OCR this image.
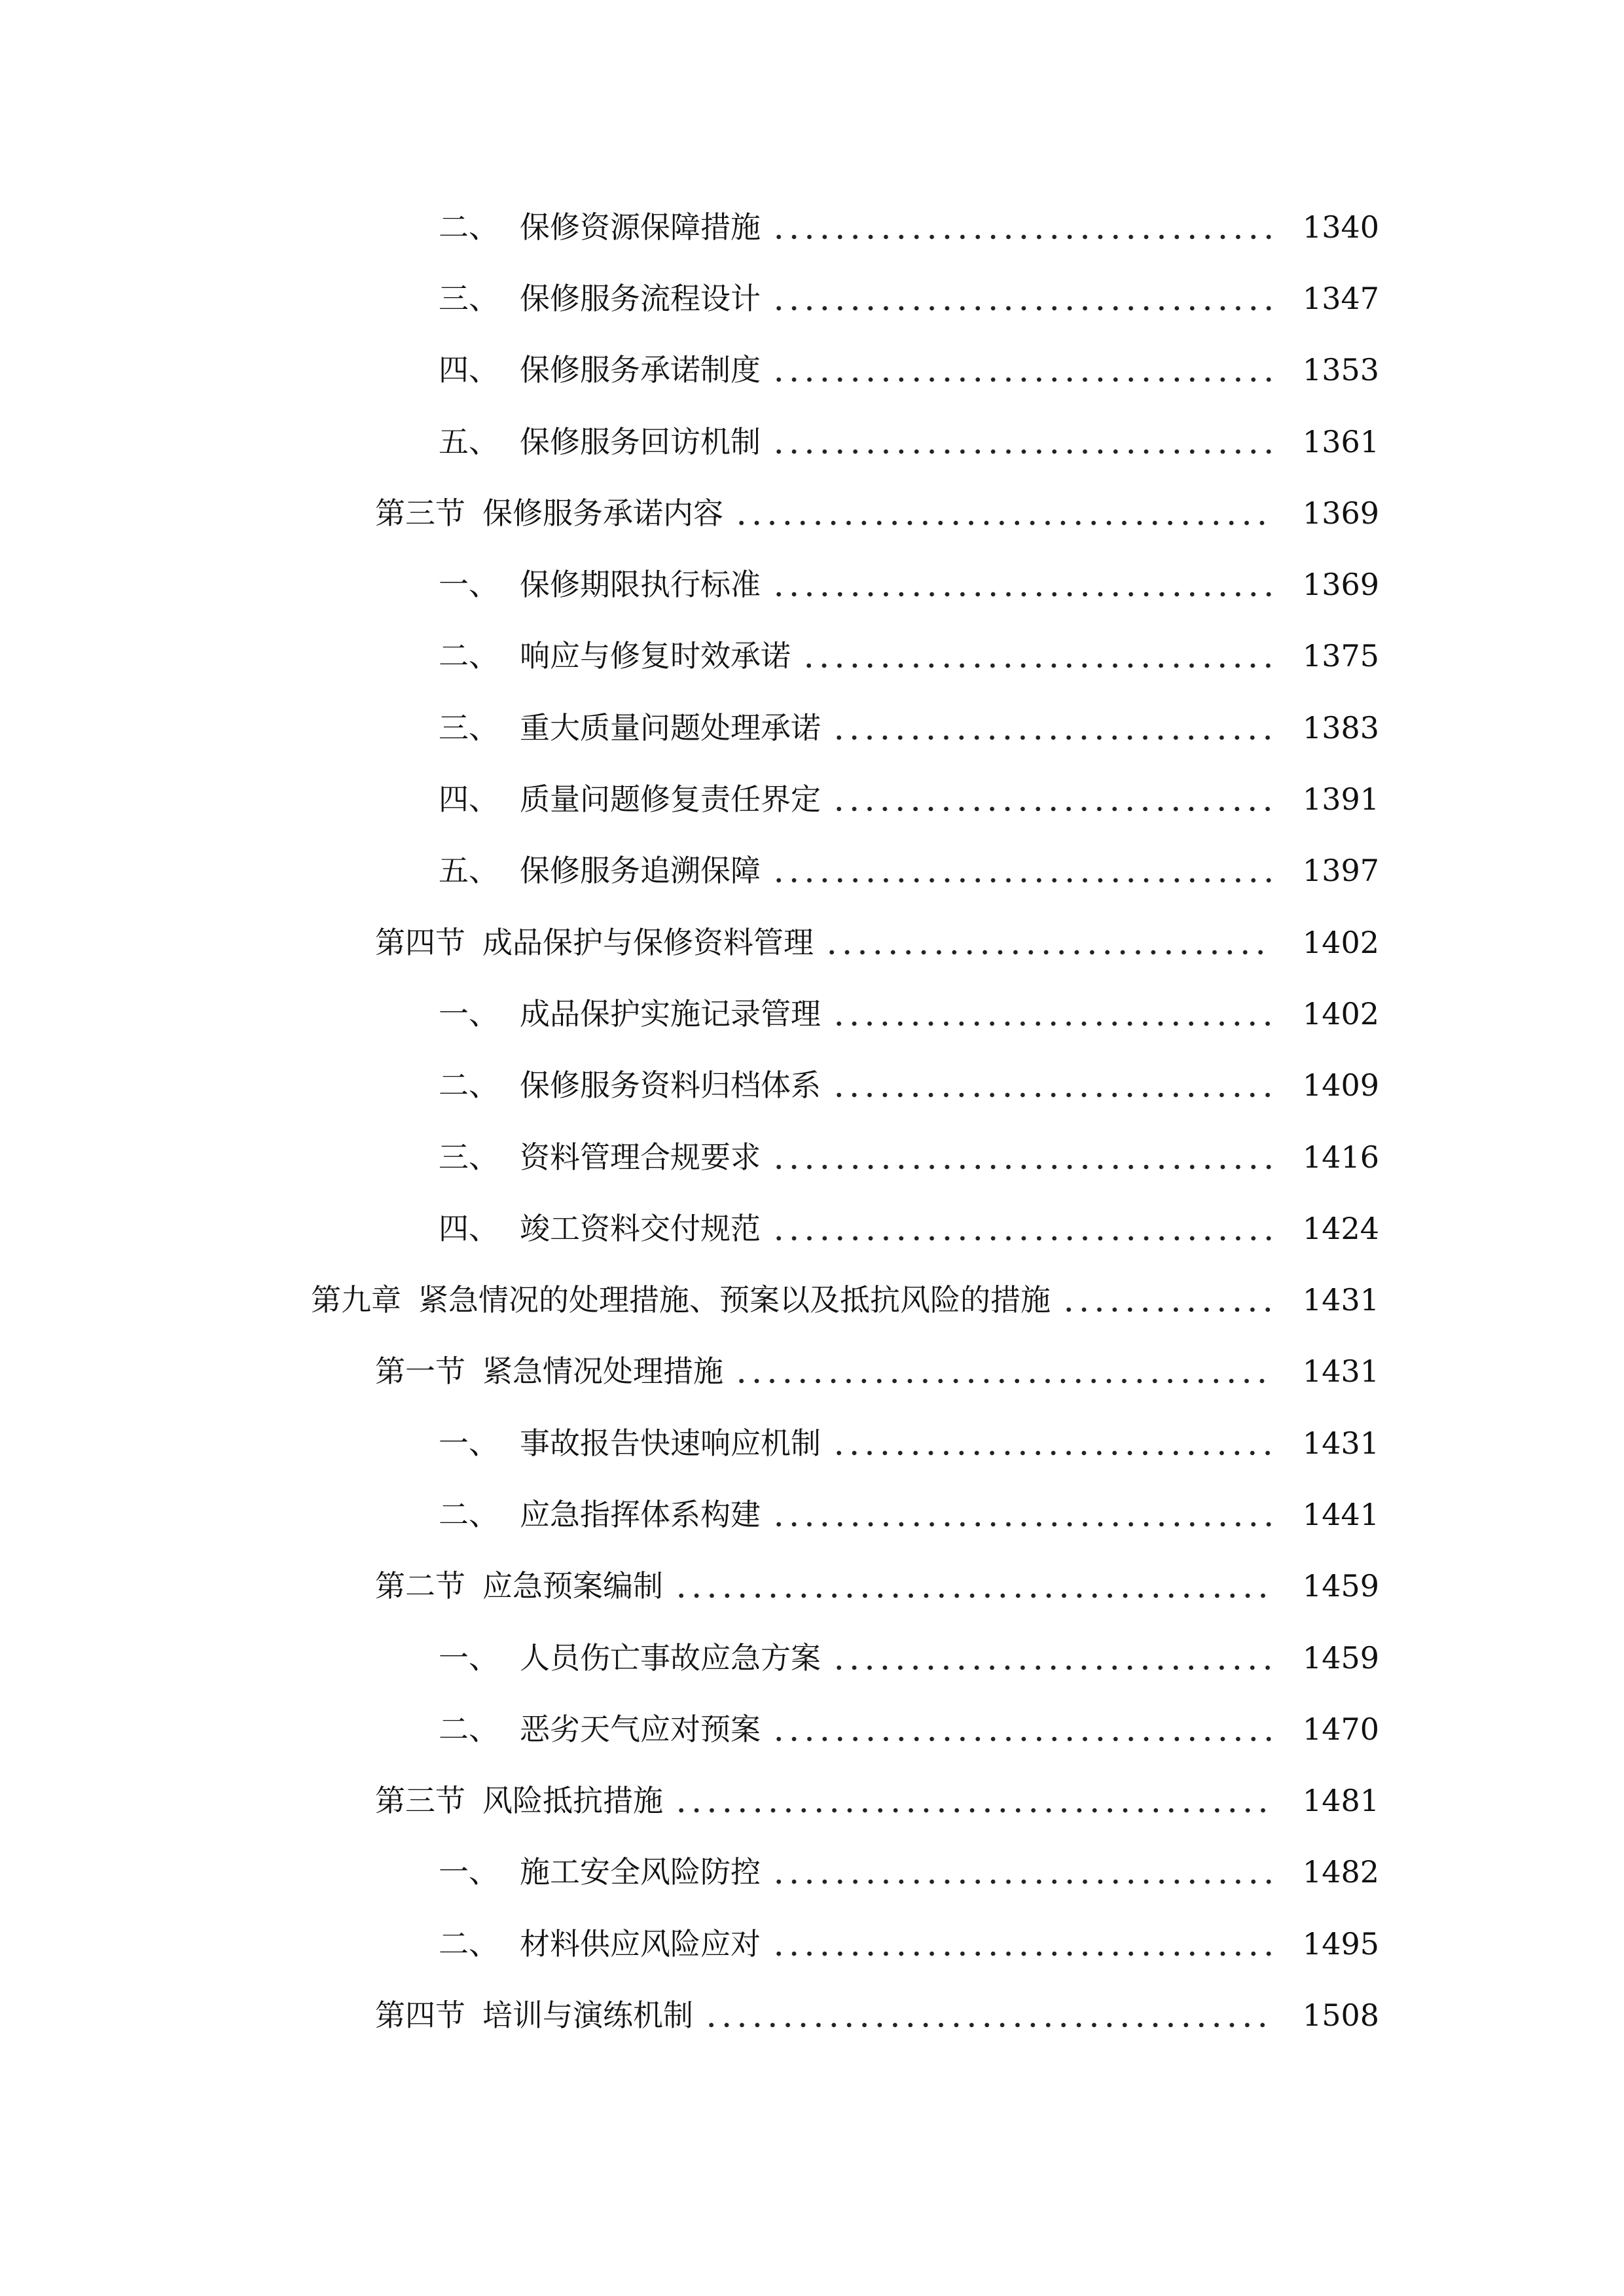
二、 保修资源保障措施	1340
三、 保修服务流程设计	1347
四、 保修服务承诺制度	1353
五、 保修服务回访机制	1361
第三节 保修服务承诺内容	1369
一、 保修期限执行标准	1369
二、 响应与修复时效承诺	1375
三、 重大质量问题处理承诺	1383
四、 质量问题修复责任界定	1391
五、 保修服务追溯保障	1397
第四节 成品保护与保修资料管理	1402
一、 成品保护实施记录管理	1402
二、 保修服务资料归档体系	1409
三、 资料管理合规要求	1416
四、 竣工资料交付规范	1424
第九章 紧急情况的处理措施、预案以及抵抗风险的措施	1431
第一节 紧急情况处理措施	1431
一、 事故报告快速响应机制	1431
二、 应急指挥体系构建	1441
第二节 应急预案编制	1459
一、 人员伤亡事故应急方案	1459
二、 恶劣天气应对预案	1470
第三节 风险抵抗措施	1481
一、 施工安全风险防控	1482
二、 材料供应风险应对	1495
第四节 培训与演练机制	1508
